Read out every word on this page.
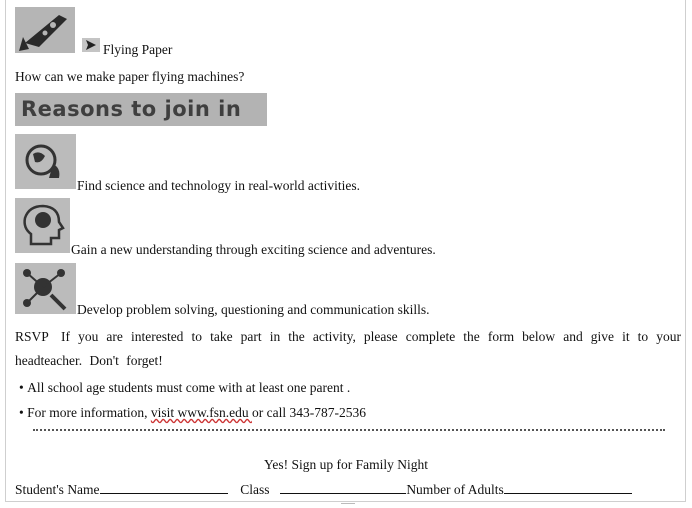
Flying Paper
How can we make paper flying machines?
Reasons to join in
Find science and technology in real-world activities.
Gain a new understanding through exciting science and adventures.
Develop problem solving, questioning and communication skills.
RSVP If you are interested to take part in the activity, please complete the form below and give it to your headteacher. Don't forget!
• All school age students must come with at least one parent .
• For more information, visit www.fsn.edu or call 343-787-2536
Yes! Sign up for Family Night
Student's Name	Class	Number of Adults
